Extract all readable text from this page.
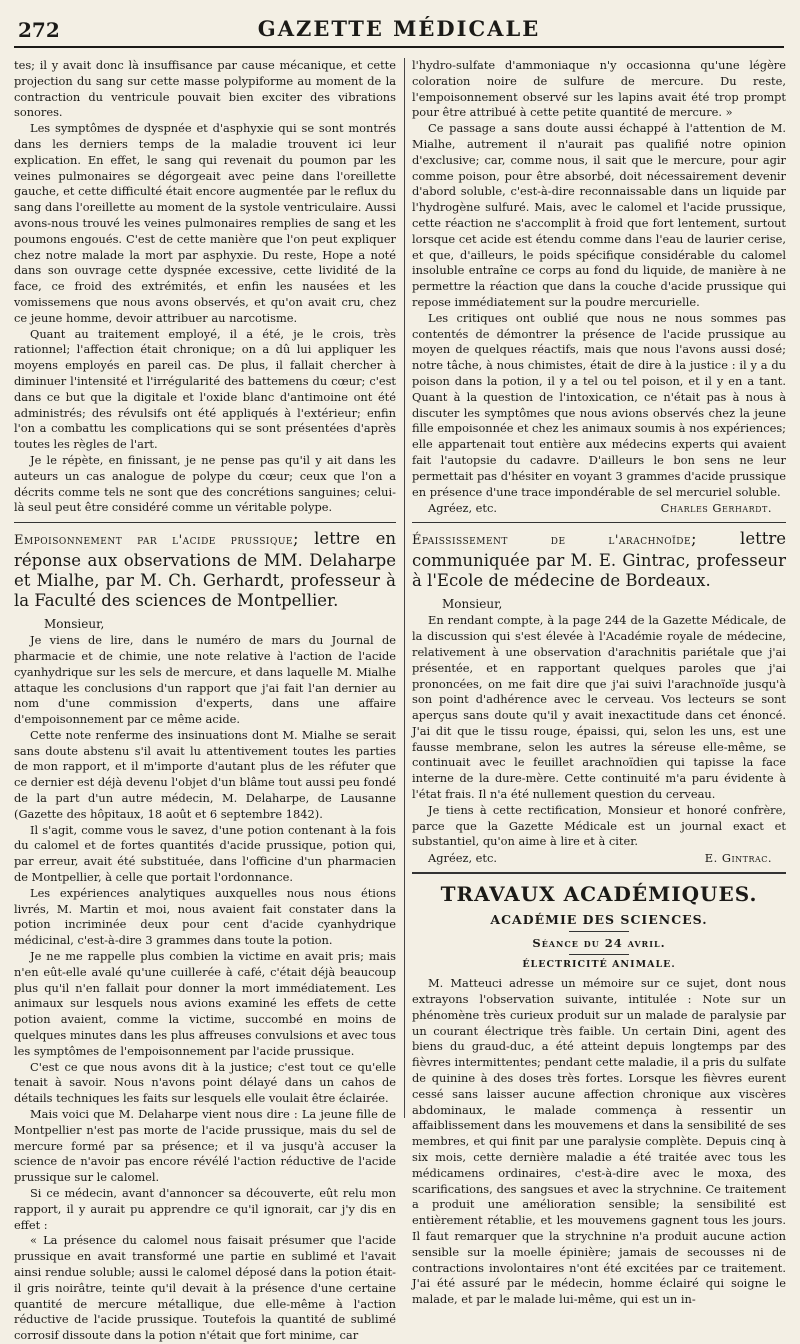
272	GAZETTE MÉDICALE

tes; il y avait donc là insuffisance par cause mécanique, et cette projection du sang sur cette masse polypiforme au moment de la contraction du ventricule pouvait bien exciter des vibrations sonores.

Les symptômes de dyspnée et d'asphyxie qui se sont montrés dans les derniers temps de la maladie trouvent ici leur explication. En effet, le sang qui revenait du poumon par les veines pulmonaires se dégorgeait avec peine dans l'oreillette gauche, et cette difficulté était encore augmentée par le reflux du sang dans l'oreillette au moment de la systole ventriculaire. Aussi avons-nous trouvé les veines pulmonaires remplies de sang et les poumons engoués. C'est de cette manière que l'on peut expliquer chez notre malade la mort par asphyxie. Du reste, Hope a noté dans son ouvrage cette dyspnée excessive, cette lividité de la face, ce froid des extrémités, et enfin les nausées et les vomissemens que nous avons observés, et qu'on avait cru, chez ce jeune homme, devoir attribuer au narcotisme.

Quant au traitement employé, il a été, je le crois, très rationnel; l'affection était chronique; on a dû lui appliquer les moyens employés en pareil cas. De plus, il fallait chercher à diminuer l'intensité et l'irrégularité des battemens du cœur; c'est dans ce but que la digitale et l'oxide blanc d'antimoine ont été administrés; des révulsifs ont été appliqués à l'extérieur; enfin l'on a combattu les complications qui se sont présentées d'après toutes les règles de l'art.

Je le répète, en finissant, je ne pense pas qu'il y ait dans les auteurs un cas analogue de polype du cœur; ceux que l'on a décrits comme tels ne sont que des concrétions sanguines; celui-là seul peut être considéré comme un véritable polype.

Empoisonnement par l'acide prussique; lettre en réponse aux observations de MM. Delaharpe et Mialhe, par M. Ch. Gerhardt, professeur à la Faculté des sciences de Montpellier.
Monsieur,

Je viens de lire, dans le numéro de mars du Journal de pharmacie et de chimie, une note relative à l'action de l'acide cyanhydrique sur les sels de mercure, et dans laquelle M. Mialhe attaque les conclusions d'un rapport que j'ai fait l'an dernier au nom d'une commission d'experts, dans une affaire d'empoisonnement par ce même acide.

Cette note renferme des insinuations dont M. Mialhe se serait sans doute abstenu s'il avait lu attentivement toutes les parties de mon rapport, et il m'importe d'autant plus de les réfuter que ce dernier est déjà devenu l'objet d'un blâme tout aussi peu fondé de la part d'un autre médecin, M. Delaharpe, de Lausanne (Gazette des hôpitaux, 18 août et 6 septembre 1842).

Il s'agit, comme vous le savez, d'une potion contenant à la fois du calomel et de fortes quantités d'acide prussique, potion qui, par erreur, avait été substituée, dans l'officine d'un pharmacien de Montpellier, à celle que portait l'ordonnance.

Les expériences analytiques auxquelles nous nous étions livrés, M. Martin et moi, nous avaient fait constater dans la potion incriminée deux pour cent d'acide cyanhydrique médicinal, c'est-à-dire 3 grammes dans toute la potion.

Je ne me rappelle plus combien la victime en avait pris; mais n'en eût-elle avalé qu'une cuillerée à café, c'était déjà beaucoup plus qu'il n'en fallait pour donner la mort immédiatement. Les animaux sur lesquels nous avions examiné les effets de cette potion avaient, comme la victime, succombé en moins de quelques minutes dans les plus affreuses convulsions et avec tous les symptômes de l'empoisonnement par l'acide prussique.

C'est ce que nous avons dit à la justice; c'est tout ce qu'elle tenait à savoir. Nous n'avons point délayé dans un cahos de détails techniques les faits sur lesquels elle voulait être éclairée.

Mais voici que M. Delaharpe vient nous dire : La jeune fille de Montpellier n'est pas morte de l'acide prussique, mais du sel de mercure formé par sa présence; et il va jusqu'à accuser la science de n'avoir pas encore révélé l'action réductive de l'acide prussique sur le calomel.

Si ce médecin, avant d'annoncer sa découverte, eût relu mon rapport, il y aurait pu apprendre ce qu'il ignorait, car j'y dis en effet :

« La présence du calomel nous faisait présumer que l'acide prussique en avait transformé une partie en sublimé et l'avait ainsi rendue soluble; aussi le calomel déposé dans la potion était-il gris noirâtre, teinte qu'il devait à la présence d'une certaine quantité de mercure métallique, due elle-même à l'action réductive de l'acide prussique. Toutefois la quantité de sublimé corrosif dissoute dans la potion n'était que fort minime, car

l'hydro-sulfate d'ammoniaque n'y occasionna qu'une légère coloration noire de sulfure de mercure. Du reste, l'empoisonnement observé sur les lapins avait été trop prompt pour être attribué à cette petite quantité de mercure. »

Ce passage a sans doute aussi échappé à l'attention de M. Mialhe, autrement il n'aurait pas qualifié notre opinion d'exclusive; car, comme nous, il sait que le mercure, pour agir comme poison, pour être absorbé, doit nécessairement devenir d'abord soluble, c'est-à-dire reconnaissable dans un liquide par l'hydrogène sulfuré. Mais, avec le calomel et l'acide prussique, cette réaction ne s'accomplit à froid que fort lentement, surtout lorsque cet acide est étendu comme dans l'eau de laurier cerise, et que, d'ailleurs, le poids spécifique considérable du calomel insoluble entraîne ce corps au fond du liquide, de manière à ne permettre la réaction que dans la couche d'acide prussique qui repose immédiatement sur la poudre mercurielle.

Les critiques ont oublié que nous ne nous sommes pas contentés de démontrer la présence de l'acide prussique au moyen de quelques réactifs, mais que nous l'avons aussi dosé; notre tâche, à nous chimistes, était de dire à la justice : il y a du poison dans la potion, il y a tel ou tel poison, et il y en a tant. Quant à la question de l'intoxication, ce n'était pas à nous à discuter les symptômes que nous avions observés chez la jeune fille empoisonnée et chez les animaux soumis à nos expériences; elle appartenait tout entière aux médecins experts qui avaient fait l'autopsie du cadavre. D'ailleurs le bon sens ne leur permettait pas d'hésiter en voyant 3 grammes d'acide prussique en présence d'une trace impondérable de sel mercuriel soluble.

Agréez, etc.	Charles Gerhardt.
Épaississement de l'arachnoïde; lettre communiquée par M. E. Gintrac, professeur à l'Ecole de médecine de Bordeaux.
Monsieur,

En rendant compte, à la page 244 de la Gazette Médicale, de la discussion qui s'est élevée à l'Académie royale de médecine, relativement à une observation d'arachnitis pariétale que j'ai présentée, et en rapportant quelques paroles que j'ai prononcées, on me fait dire que j'ai suivi l'arachnoïde jusqu'à son point d'adhérence avec le cerveau. Vos lecteurs se sont aperçus sans doute qu'il y avait inexactitude dans cet énoncé. J'ai dit que le tissu rouge, épaissi, qui, selon les uns, est une fausse membrane, selon les autres la séreuse elle-même, se continuait avec le feuillet arachnoïdien qui tapisse la face interne de la dure-mère. Cette continuité m'a paru évidente à l'état frais. Il n'a été nullement question du cerveau.

Je tiens à cette rectification, Monsieur et honoré confrère, parce que la Gazette Médicale est un journal exact et substantiel, qu'on aime à lire et à citer.

Agréez, etc.	E. Gintrac.
TRAVAUX ACADÉMIQUES.
ACADÉMIE DES SCIENCES.
Séance du 24 avril.
ÉLECTRICITÉ ANIMALE.

M. Matteuci adresse un mémoire sur ce sujet, dont nous extrayons l'observation suivante, intitulée : Note sur un phénomène très curieux produit sur un malade de paralysie par un courant électrique très faible. Un certain Dini, agent des biens du graud-duc, a été atteint depuis longtemps par des fièvres intermittentes; pendant cette maladie, il a pris du sulfate de quinine à des doses très fortes. Lorsque les fièvres eurent cessé sans laisser aucune affection chronique aux viscères abdominaux, le malade commença à ressentir un affaiblissement dans les mouvemens et dans la sensibilité de ses membres, et qui finit par une paralysie complète. Depuis cinq à six mois, cette dernière maladie a été traitée avec tous les médicamens ordinaires, c'est-à-dire avec le moxa, des scarifications, des sangsues et avec la strychnine. Ce traitement a produit une amélioration sensible; la sensibilité est entièrement rétablie, et les mouvemens gagnent tous les jours. Il faut remarquer que la strychnine n'a produit aucune action sensible sur la moelle épinière; jamais de secousses ni de contractions involontaires n'ont été excitées par ce traitement. J'ai été assuré par le médecin, homme éclairé qui soigne le malade, et par le malade lui-même, qui est un in-
